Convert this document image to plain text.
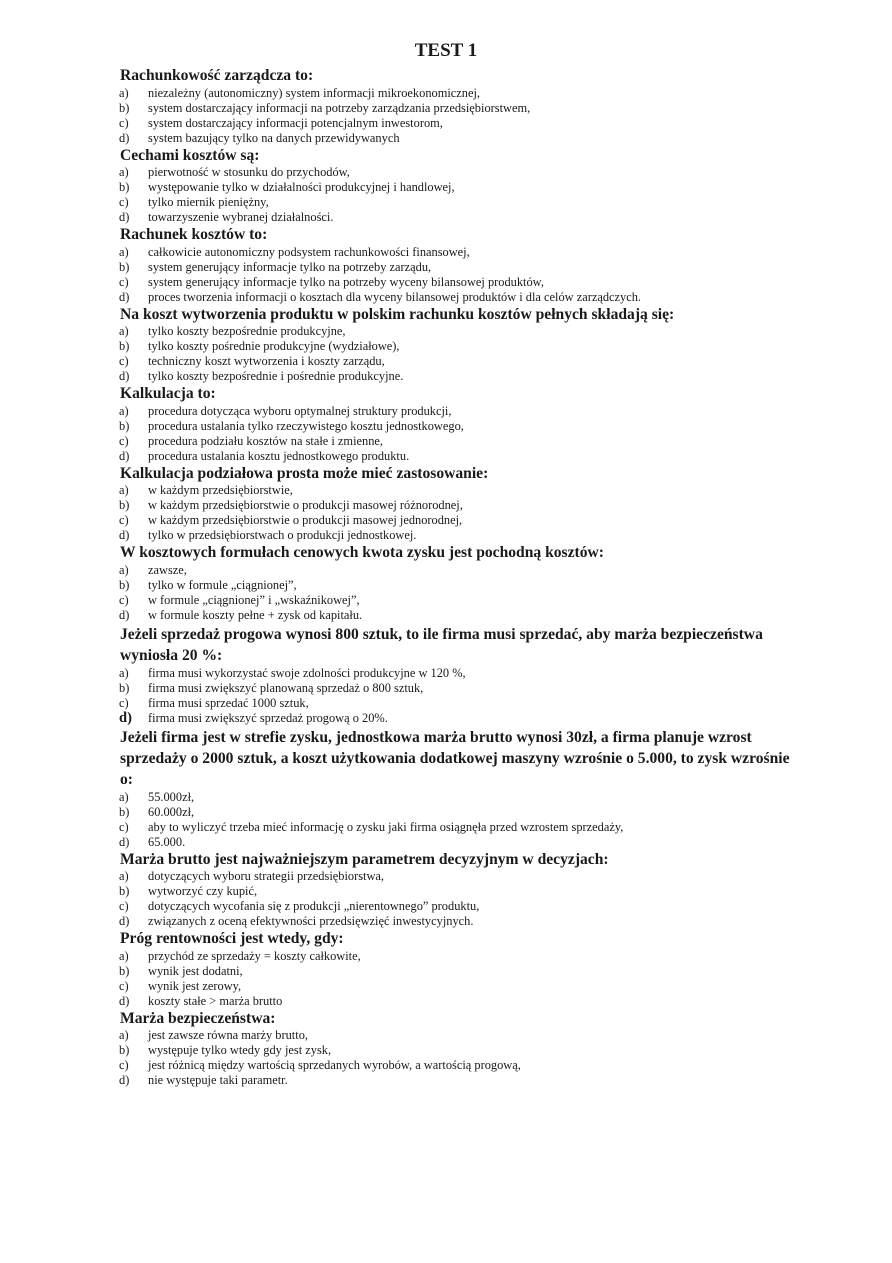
TEST 1
Rachunkowość zarządcza to:
a) niezależny (autonomiczny) system informacji mikroekonomicznej,
b) system dostarczający informacji na potrzeby zarządzania przedsiębiorstwem,
c) system dostarczający informacji potencjalnym inwestorom,
d) system bazujący tylko na danych przewidywanych
Cechami kosztów są:
a) pierwotność w stosunku do przychodów,
b) występowanie tylko w działalności produkcyjnej i handlowej,
c) tylko miernik pieniężny,
d) towarzyszenie wybranej działalności.
Rachunek kosztów to:
a) całkowicie autonomiczny podsystem rachunkowości finansowej,
b) system generujący informacje tylko na potrzeby zarządu,
c) system generujący informacje tylko na potrzeby wyceny bilansowej produktów,
d) proces tworzenia informacji o kosztach dla wyceny bilansowej produktów i dla celów zarządczych.
Na koszt wytworzenia produktu w polskim rachunku kosztów pełnych składają się:
a) tylko koszty bezpośrednie produkcyjne,
b) tylko koszty pośrednie produkcyjne (wydziałowe),
c) techniczny koszt wytworzenia i koszty zarządu,
d) tylko koszty bezpośrednie i pośrednie produkcyjne.
Kalkulacja to:
a) procedura dotycząca wyboru optymalnej struktury produkcji,
b) procedura ustalania tylko rzeczywistego kosztu jednostkowego,
c) procedura podziału kosztów na stałe i zmienne,
d) procedura ustalania kosztu jednostkowego produktu.
Kalkulacja podziałowa prosta może mieć zastosowanie:
a) w każdym przedsiębiorstwie,
b) w każdym przedsiębiorstwie o produkcji masowej różnorodnej,
c) w każdym przedsiębiorstwie o produkcji masowej jednorodnej,
d) tylko w przedsiębiorstwach o produkcji jednostkowej.
W kosztowych formułach cenowych kwota zysku jest pochodną kosztów:
a) zawsze,
b) tylko w formule „ciągnionej”,
c) w formule „ciągnionej” i „wskaźnikowej”,
d) w formule koszty pełne + zysk od kapitału.
Jeżeli sprzedaż progowa wynosi 800 sztuk, to ile firma musi sprzedać, aby marża bezpieczeństwa wyniosła 20 %:
a) firma musi wykorzystać swoje zdolności produkcyjne w 120 %,
b) firma musi zwiększyć planowaną sprzedaż o 800 sztuk,
c) firma musi sprzedać 1000 sztuk,
d) firma musi zwiększyć sprzedaż progową o 20%.
Jeżeli firma jest w strefie zysku, jednostkowa marża brutto wynosi 30zł, a firma planuje wzrost sprzedaży o 2000 sztuk, a koszt użytkowania dodatkowej maszyny wzrośnie o 5.000, to zysk wzrośnie o:
a) 55.000zł,
b) 60.000zł,
c) aby to wyliczyć trzeba mieć informację o zysku jaki firma osiągnęła przed wzrostem sprzedaży,
d) 65.000.
Marża brutto jest najważniejszym parametrem decyzyjnym w decyzjach:
a) dotyczących wyboru strategii przedsiębiorstwa,
b) wytworzyć czy kupić,
c) dotyczących wycofania się z produkcji „nierentownego” produktu,
d) związanych z oceną efektywności przedsięwzięć inwestycyjnych.
Próg rentowności jest wtedy, gdy:
a) przychód ze sprzedaży = koszty całkowite,
b) wynik jest dodatni,
c) wynik jest zerowy,
d) koszty stałe > marża brutto
Marża bezpieczeństwa:
a) jest zawsze równa marży brutto,
b) występuje tylko wtedy gdy jest zysk,
c) jest różnicą między wartością sprzedanych wyrobów, a wartością progową,
d) nie występuje taki parametr.
